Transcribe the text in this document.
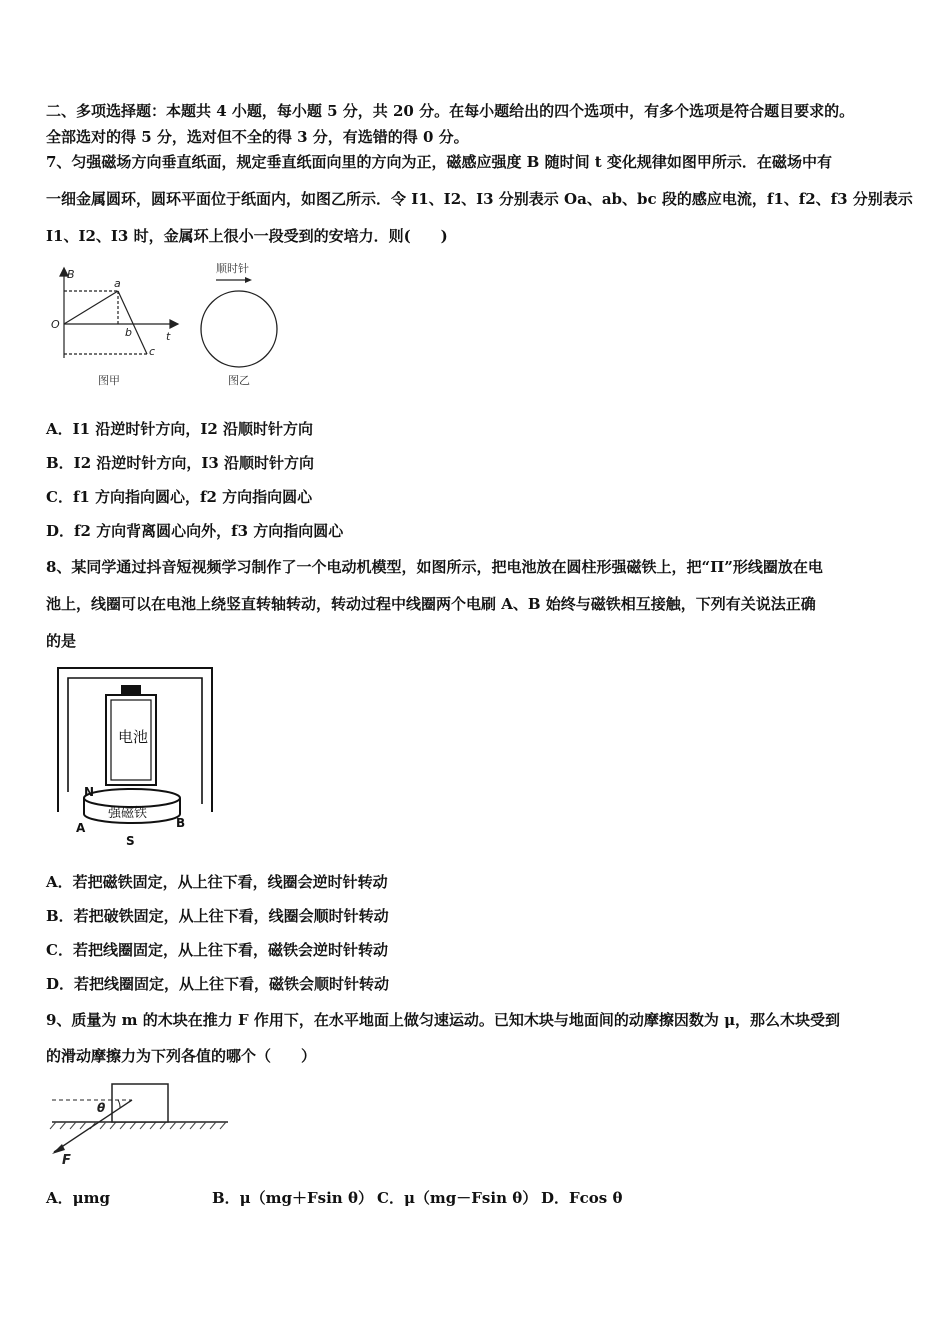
二、多项选择题：本题共 4 小题，每小题 5 分，共 20 分。在每小题给出的四个选项中，有多个选项是符合题目要求的。
全部选对的得 5 分，选对但不全的得 3 分，有选错的得 0 分。
7、匀强磁场方向垂直纸面，规定垂直纸面向里的方向为正，磁感应强度 B 随时间 t 变化规律如图甲所示．在磁场中有
一细金属圆环，圆环平面位于纸面内，如图乙所示．令 I1、I2、I3 分别表示 Oa、ab、bc 段的感应电流，f1、f2、f3 分别表示
I1、I2、I3 时，金属环上很小一段受到的安培力．则(　　)
B
t
O
a
b
c
图甲
顺时针
图乙
A．I1 沿逆时针方向，I2 沿顺时针方向
B．I2 沿逆时针方向，I3 沿顺时针方向
C．f1 方向指向圆心，f2 方向指向圆心
D．f2 方向背离圆心向外，f3 方向指向圆心
8、某同学通过抖音短视频学习制作了一个电动机模型，如图所示，把电池放在圆柱形强磁铁上，把“Π”形线圈放在电
池上，线圈可以在电池上绕竖直转轴转动，转动过程中线圈两个电刷 A、B 始终与磁铁相互接触，下列有关说法正确
的是
电池
强磁铁
N
S
A	B
A．若把磁铁固定，从上往下看，线圈会逆时针转动
B．若把破铁固定，从上往下看，线圈会顺时针转动
C．若把线圈固定，从上往下看，磁铁会逆时针转动
D．若把线圈固定，从上往下看，磁铁会顺时针转动
9、质量为 m 的木块在推力 F 作用下，在水平地面上做匀速运动。已知木块与地面间的动摩擦因数为 μ，那么木块受到
的滑动摩擦力为下列各值的哪个（　　）
θ
F
A．μmg	B．μ（mg＋Fsin θ） C．μ（mg－Fsin θ） D．Fcos θ
